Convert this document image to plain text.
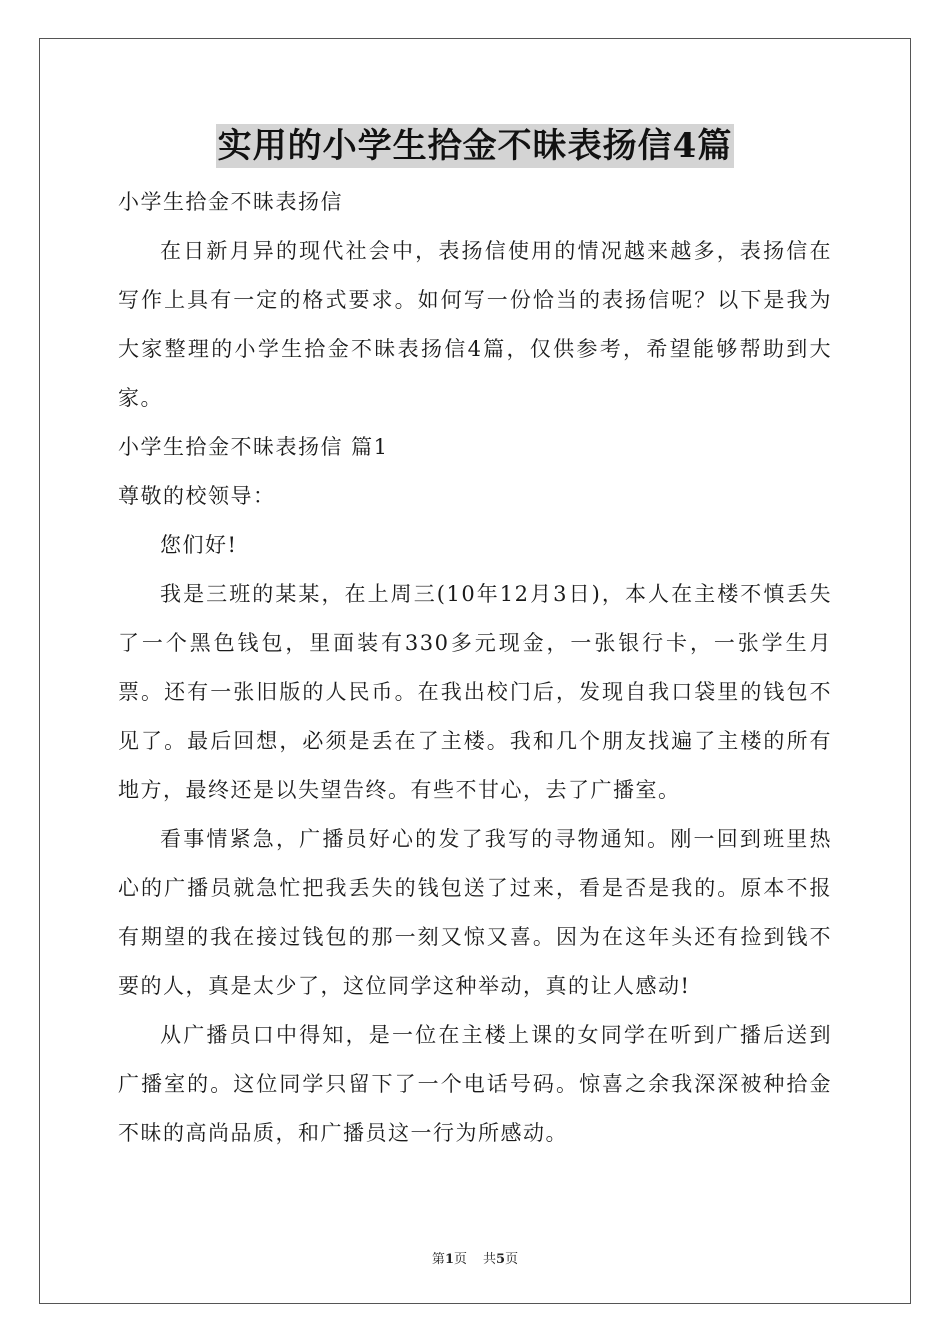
实用的小学生拾金不昧表扬信4篇

小学生拾金不昧表扬信

在日新月异的现代社会中，表扬信使用的情况越来越多，表扬信在写作上具有一定的格式要求。如何写一份恰当的表扬信呢？以下是我为大家整理的小学生拾金不昧表扬信4篇，仅供参考，希望能够帮助到大家。

小学生拾金不昧表扬信 篇1

尊敬的校领导：

您们好!

我是三班的某某，在上周三(10年12月3日)，本人在主楼不慎丢失了一个黑色钱包，里面装有330多元现金，一张银行卡，一张学生月票。还有一张旧版的人民币。在我出校门后，发现自我口袋里的钱包不见了。最后回想，必须是丢在了主楼。我和几个朋友找遍了主楼的所有地方，最终还是以失望告终。有些不甘心，去了广播室。

看事情紧急，广播员好心的发了我写的寻物通知。刚一回到班里热心的广播员就急忙把我丢失的钱包送了过来，看是否是我的。原本不报有期望的我在接过钱包的那一刻又惊又喜。因为在这年头还有捡到钱不要的人，真是太少了，这位同学这种举动，真的让人感动!

从广播员口中得知，是一位在主楼上课的女同学在听到广播后送到广播室的。这位同学只留下了一个电话号码。惊喜之余我深深被种拾金不昧的高尚品质，和广播员这一行为所感动。

第1页 共5页
